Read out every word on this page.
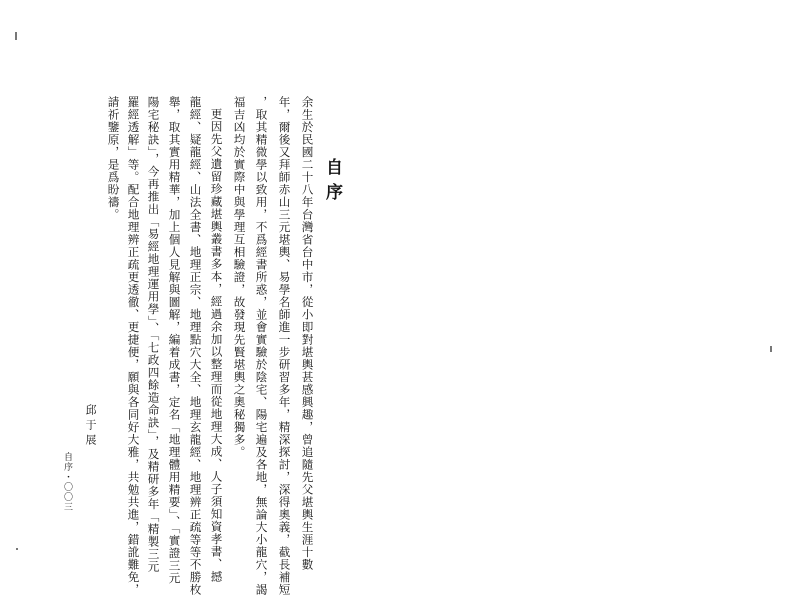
自序
余生於民國二十八年台灣省台中市，從小即對堪輿甚感興趣，曾追隨先父堪輿生涯十數
年，爾後又拜師赤山三元堪輿、易學名師進一步研習多年，精深探討，深得奧義，截長補短
，取其精微學以致用，不爲經書所惑，並會實驗於陰宅、陽宅遍及各地，無論大小龍穴，謁
福吉凶均於實際中與學理互相驗證，故發現先賢堪輿之奧秘獨多。
更因先父遺留珍藏堪輿叢書多本，經過余加以整理而從地理大成、人子須知資孝書、撼
龍經、疑龍經、山法全書、地理正宗、地理點穴大全、地理玄龍經、地理辨正疏等等不勝枚
舉，取其實用精華，加上個人見解與圖解，編着成書，定名「地理體用精要」、「實證三元
陽宅秘訣」，今再推出「易經地理運用學」、「七政四餘造命訣」，及精研多年「精製三元
羅經透解」等。配合地理辨正疏更透徹、更捷便，願與各同好大雅，共勉共進，錯訛難免，
請祈鑒原，是爲盼禱。
邱于展
自序・〇〇三
